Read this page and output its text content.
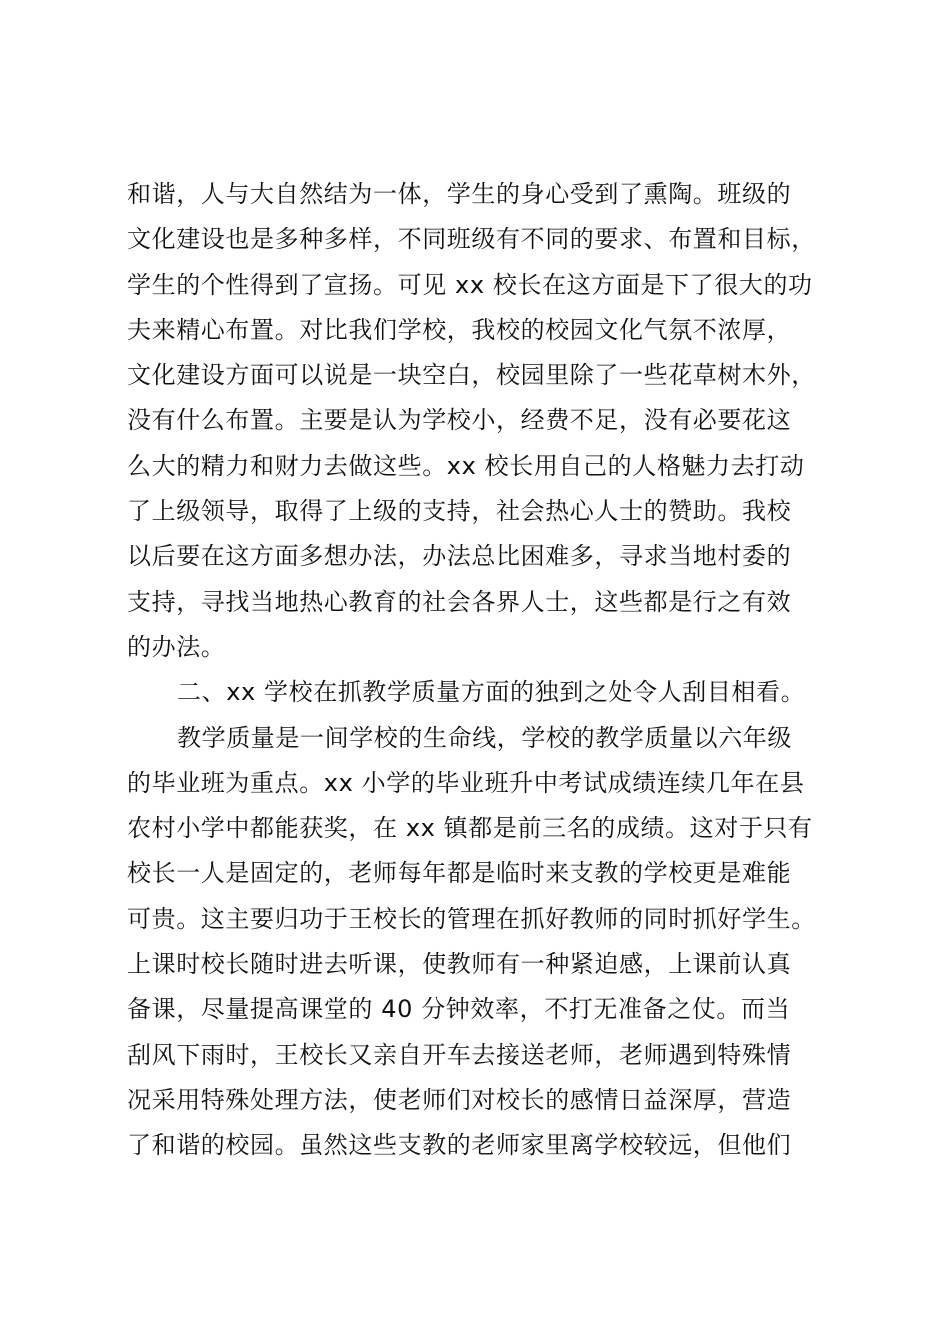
和谐，人与大自然结为一体，学生的身心受到了熏陶。班级的
文化建设也是多种多样，不同班级有不同的要求、布置和目标，
学生的个性得到了宣扬。可见 xx 校长在这方面是下了很大的功
夫来精心布置。对比我们学校，我校的校园文化气氛不浓厚，
文化建设方面可以说是一块空白，校园里除了一些花草树木外，
没有什么布置。主要是认为学校小，经费不足，没有必要花这
么大的精力和财力去做这些。xx 校长用自己的人格魅力去打动
了上级领导，取得了上级的支持，社会热心人士的赞助。我校
以后要在这方面多想办法，办法总比困难多，寻求当地村委的
支持，寻找当地热心教育的社会各界人士，这些都是行之有效
的办法。
二、xx 学校在抓教学质量方面的独到之处令人刮目相看。
教学质量是一间学校的生命线，学校的教学质量以六年级
的毕业班为重点。xx 小学的毕业班升中考试成绩连续几年在县
农村小学中都能获奖，在 xx 镇都是前三名的成绩。这对于只有
校长一人是固定的，老师每年都是临时来支教的学校更是难能
可贵。这主要归功于王校长的管理在抓好教师的同时抓好学生。
上课时校长随时进去听课，使教师有一种紧迫感，上课前认真
备课，尽量提高课堂的 40 分钟效率，不打无准备之仗。而当
刮风下雨时，王校长又亲自开车去接送老师，老师遇到特殊情
况采用特殊处理方法，使老师们对校长的感情日益深厚，营造
了和谐的校园。虽然这些支教的老师家里离学校较远，但他们
